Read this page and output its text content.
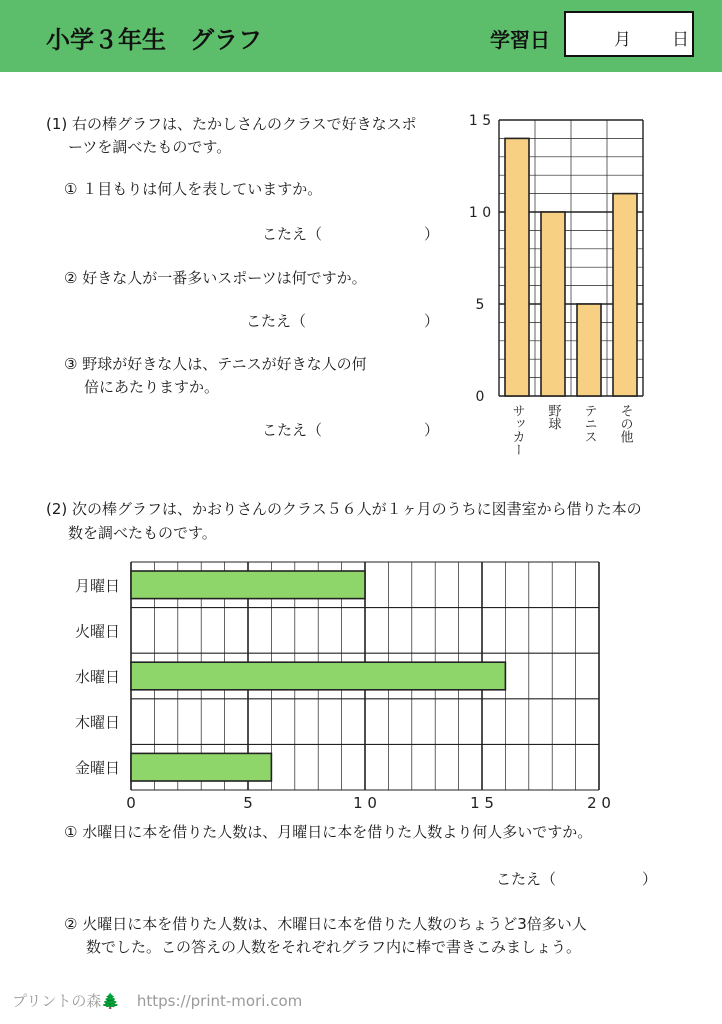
小学３年生　グラフ	学習日	月 日
(1) 右の棒グラフは、たかしさんのクラスで好きなスポ
ーツを調べたものです。
① １目もりは何人を表していますか。
こたえ（	）
② 好きな人が一番多いスポーツは何ですか。
こたえ（	）
③ 野球が好きな人は、テニスが好きな人の何
倍にあたりますか。
こたえ（	）
0
5
1 0
1 5
サッカー 野球 テニス その他
(2) 次の棒グラフは、かおりさんのクラス５６人が１ヶ月のうちに図書室から借りた本の
数を調べたものです。
0	5	1 0	1 5	2 0
月曜日
火曜日
水曜日
木曜日
金曜日
① 水曜日に本を借りた人数は、月曜日に本を借りた人数より何人多いですか。
こたえ（	）
② 火曜日に本を借りた人数は、木曜日に本を借りた人数のちょうど3倍多い人
数でした。この答えの人数をそれぞれグラフ内に棒で書きこみましょう。
プリントの森🌲 https://print-mori.com
